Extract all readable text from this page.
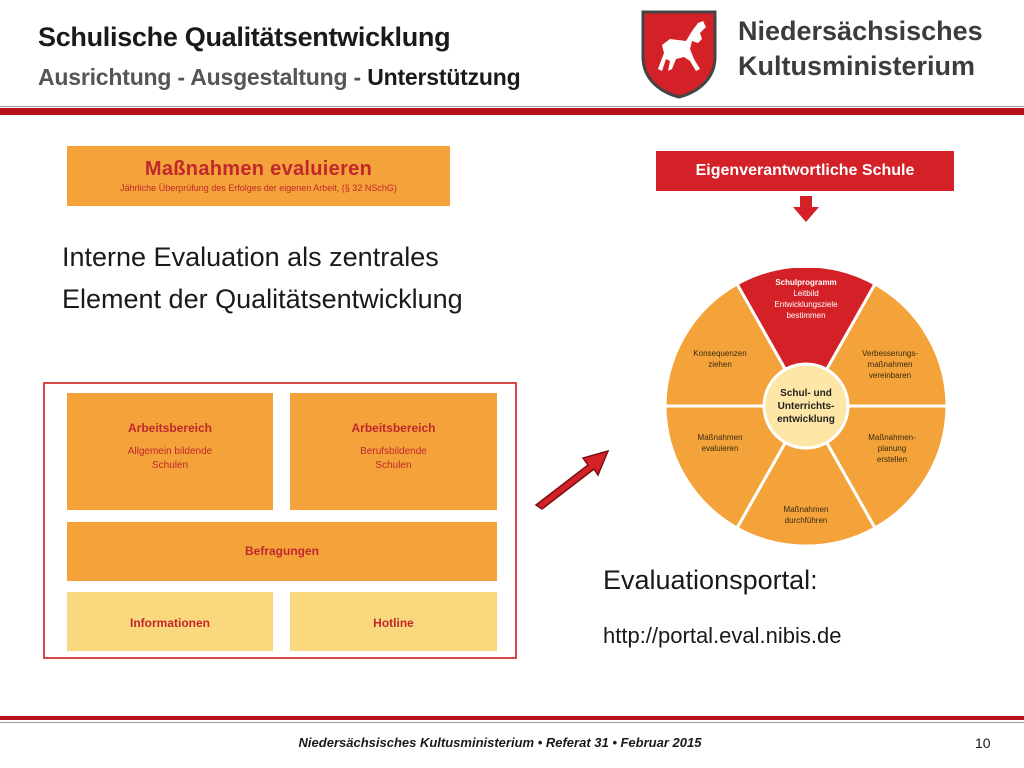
Schulische Qualitätsentwicklung
Ausrichtung - Ausgestaltung - Unterstützung
Niedersächsisches
Kultusministerium
Maßnahmen evaluieren
Jährliche Überprüfung des Erfolges der eigenen Arbeit, (§ 32 NSchG)
Interne Evaluation als zentrales
Element der Qualitätsentwicklung
Arbeitsbereich
Allgemein bildende
Schulen
Arbeitsbereich
Berufsbildende
Schulen
Befragungen
Informationen	Hotline
Eigenverantwortliche Schule
Schul- und
Unterrichts-
entwicklung
Schulprogramm
Leitbild
Entwicklungsziele
bestimmen
Verbesserungs-
maßnahmen
vereinbaren
Maßnahmen-
planung
erstellen
Maßnahmen
durchführen
Maßnahmen
evaluieren
Konsequenzen
ziehen
Evaluationsportal:
http://portal.eval.nibis.de
Niedersächsisches Kultusministerium • Referat 31 • Februar 2015	10
